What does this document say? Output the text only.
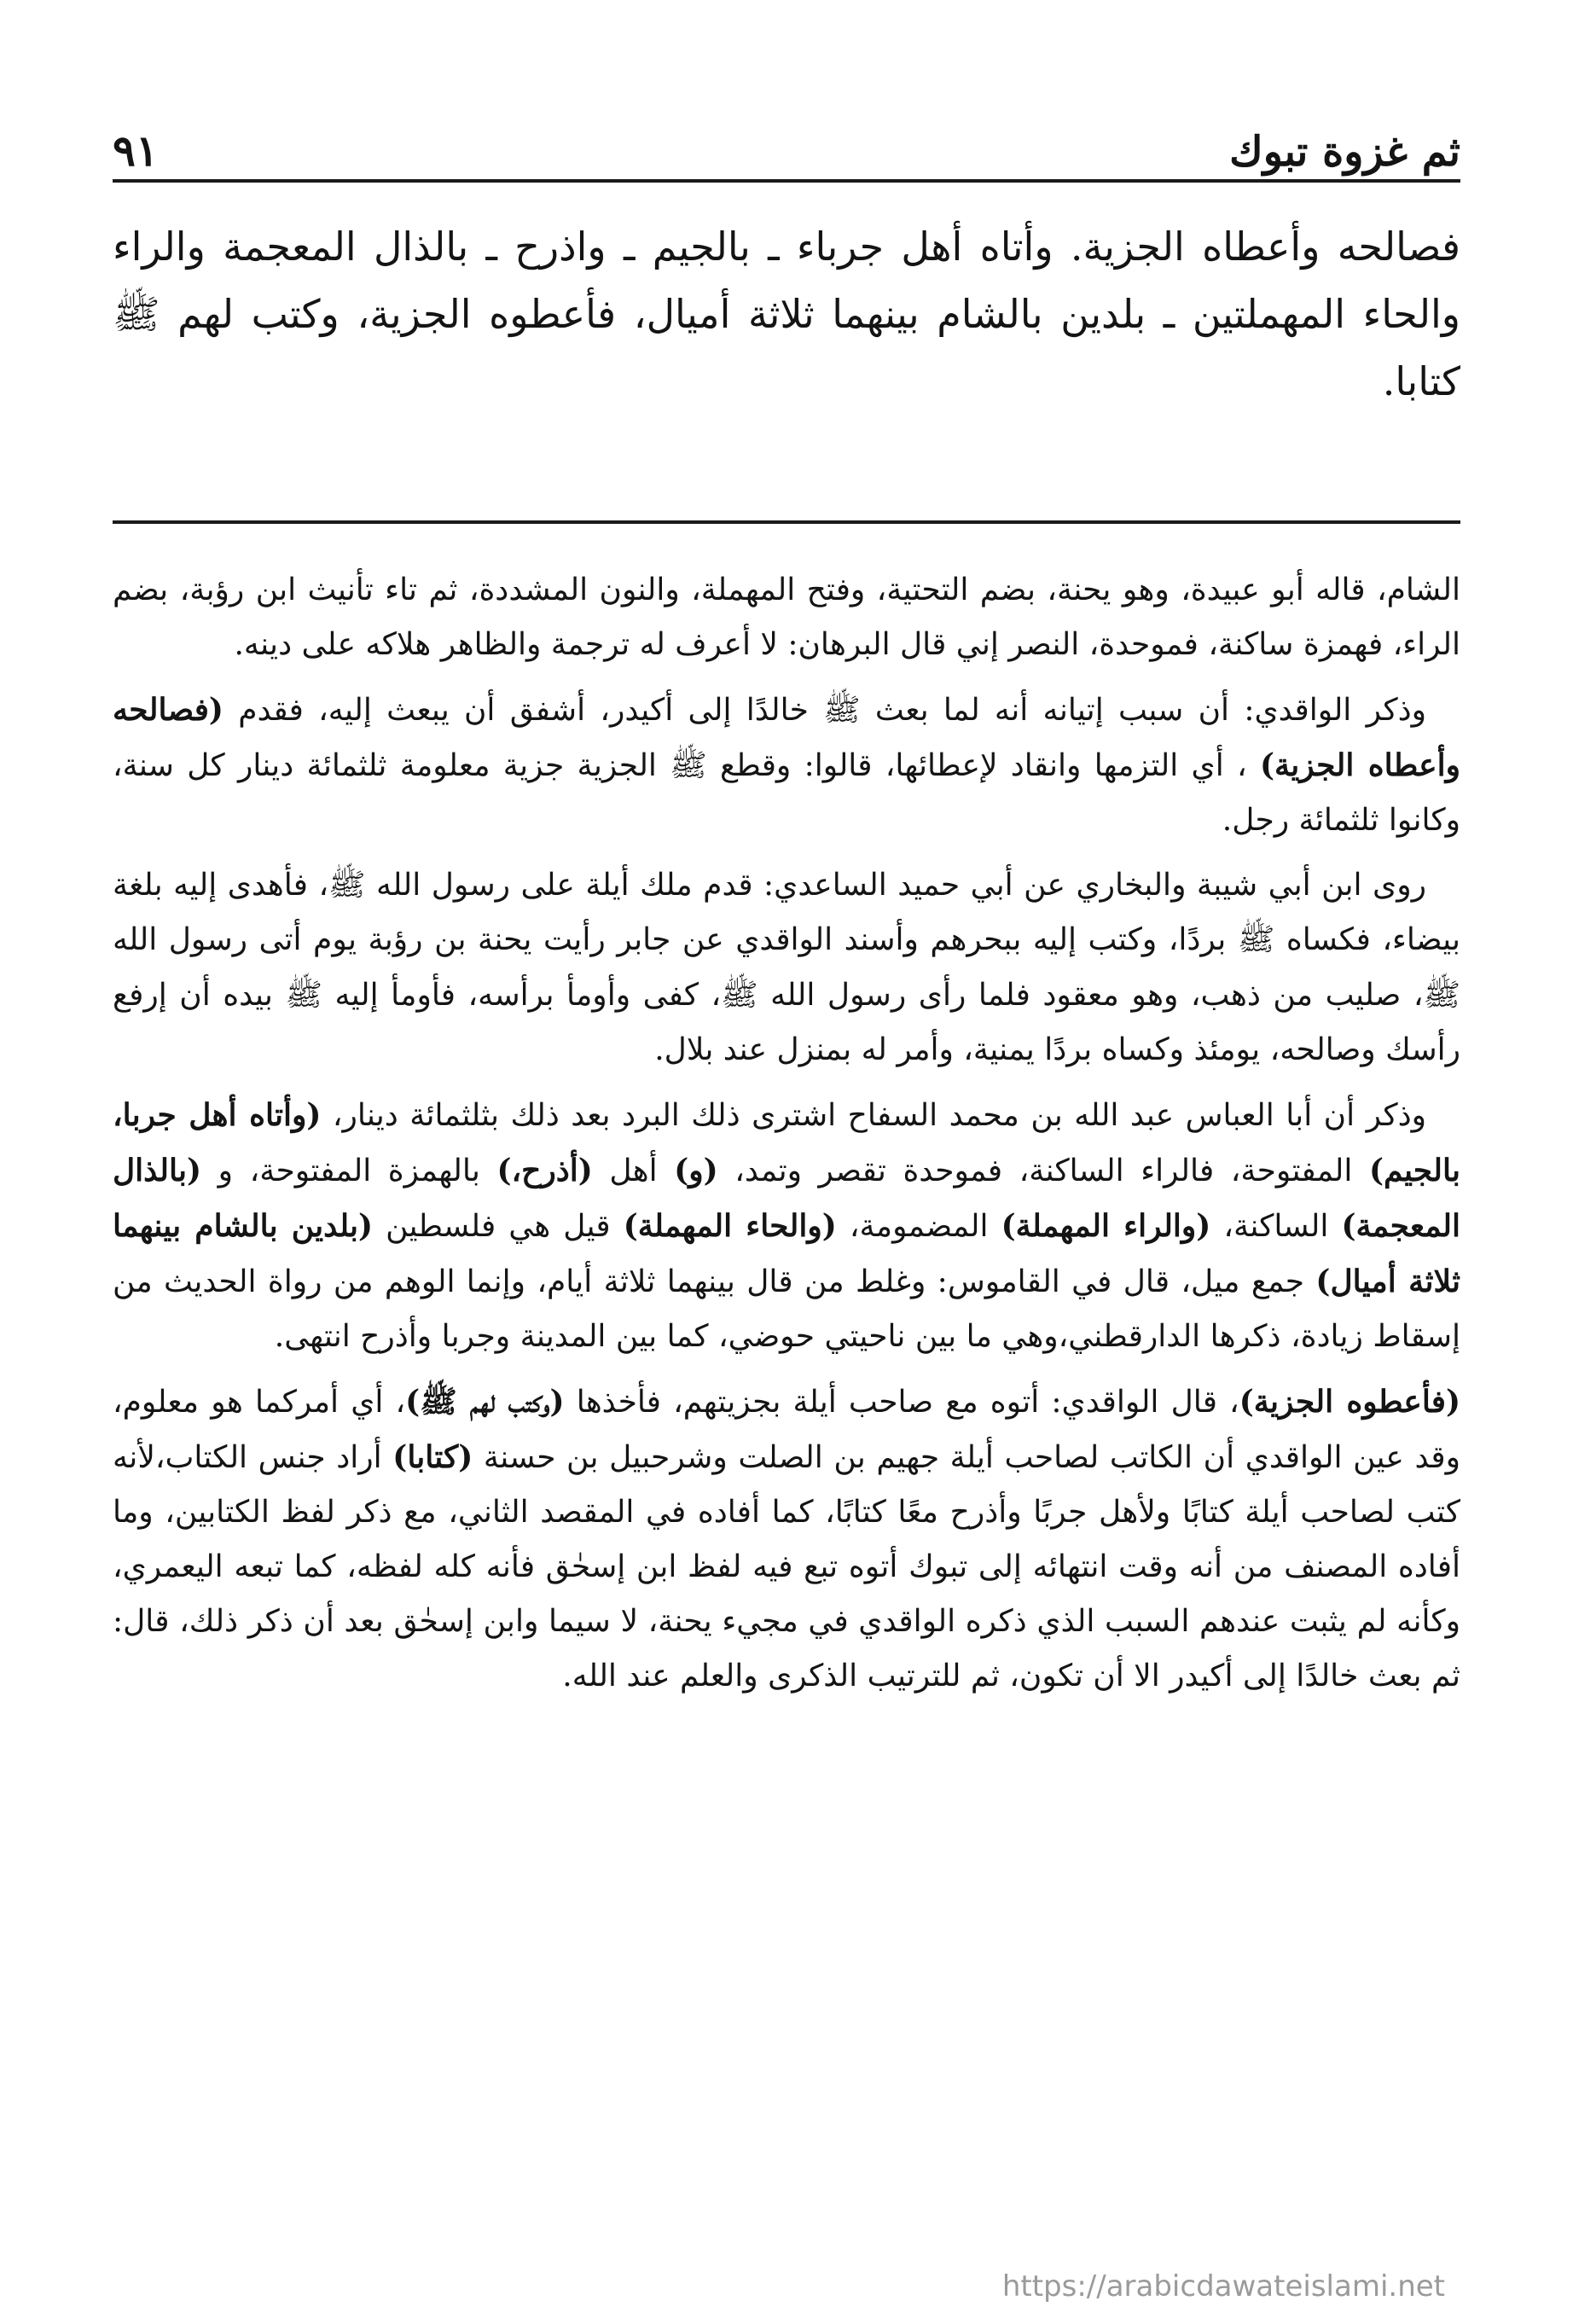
ثم غزوة تبوك
٩١
فصالحه وأعطاه الجزية. وأتاه أهل جرباء ـ بالجيم ـ واذرح ـ بالذال المعجمة والراء والحاء المهملتين ـ بلدين بالشام بينهما ثلاثة أميال، فأعطوه الجزية، وكتب لهم ﷺ كتابا.

الشام، قاله أبو عبيدة، وهو يحنة، بضم التحتية، وفتح المهملة، والنون المشددة، ثم تاء تأنيث ابن رؤبة، بضم الراء، فهمزة ساكنة، فموحدة، النصر إني قال البرهان: لا أعرف له ترجمة والظاهر هلاكه على دينه.

وذكر الواقدي: أن سبب إتيانه أنه لما بعث ﷺ خالدًا إلى أكيدر، أشفق أن يبعث إليه، فقدم (فصالحه وأعطاه الجزية) ، أي التزمها وانقاد لإعطائها، قالوا: وقطع ﷺ الجزية جزية معلومة ثلثمائة دينار كل سنة، وكانوا ثلثمائة رجل.

روى ابن أبي شيبة والبخاري عن أبي حميد الساعدي: قدم ملك أيلة على رسول الله ﷺ، فأهدى إليه بلغة بيضاء، فكساه ﷺ بردًا، وكتب إليه ببحرهم وأسند الواقدي عن جابر رأيت يحنة بن رؤبة يوم أتى رسول الله ﷺ، صليب من ذهب، وهو معقود فلما رأى رسول الله ﷺ، كفى وأومأ برأسه، فأومأ إليه ﷺ بيده أن إرفع رأسك وصالحه، يومئذ وكساه بردًا يمنية، وأمر له بمنزل عند بلال.

وذكر أن أبا العباس عبد الله بن محمد السفاح اشترى ذلك البرد بعد ذلك بثلثمائة دينار، (وأتاه أهل جربا، بالجيم) المفتوحة، فالراء الساكنة، فموحدة تقصر وتمد، (و) أهل (أذرح،) بالهمزة المفتوحة، و (بالذال المعجمة) الساكنة، (والراء المهملة) المضمومة، (والحاء المهملة) قيل هي فلسطين (بلدين بالشام بينهما ثلاثة أميال) جمع ميل، قال في القاموس: وغلط من قال بينهما ثلاثة أيام، وإنما الوهم من رواة الحديث من إسقاط زيادة، ذكرها الدارقطني،وهي ما بين ناحيتي حوضي، كما بين المدينة وجربا وأذرح انتهى.

(فأعطوه الجزية)، قال الواقدي: أتوه مع صاحب أيلة بجزيتهم، فأخذها (وكتب لهم ﷺ)، أي أمركما هو معلوم، وقد عين الواقدي أن الكاتب لصاحب أيلة جهيم بن الصلت وشرحبيل بن حسنة (كتابا) أراد جنس الكتاب،لأنه كتب لصاحب أيلة كتابًا ولأهل جربًا وأذرح معًا كتابًا، كما أفاده في المقصد الثاني، مع ذكر لفظ الكتابين، وما أفاده المصنف من أنه وقت انتهائه إلى تبوك أتوه تبع فيه لفظ ابن إسحٰق فأنه كله لفظه، كما تبعه اليعمري، وكأنه لم يثبت عندهم السبب الذي ذكره الواقدي في مجيء يحنة، لا سيما وابن إسحٰق بعد أن ذكر ذلك، قال: ثم بعث خالدًا إلى أكيدر الا أن تكون، ثم للترتيب الذكرى والعلم عند الله.

https://arabicdawateislami.net
